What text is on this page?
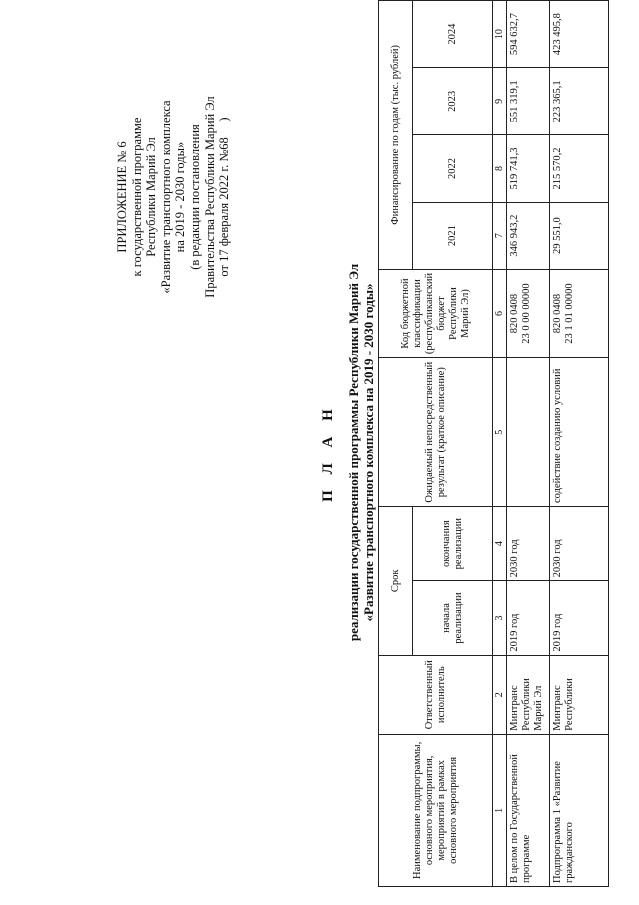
ПРИЛОЖЕНИЕ № 6 к государственной программе Республики Марий Эл «Развитие транспортного комплекса на 2019 - 2030 годы» (в редакции постановления Правительства Республики Марий Эл от 17 февраля 2022 г. №68     )
П Л А Н реализации государственной программы Республики Марий Эл «Развитие транспортного комплекса на 2019 - 2030 годы»
Наименование подпрограммы, основного мероприятия, мероприятий в рамках основного мероприятия	Ответственный исполнитель	Срок		Ожидаемый непосредственный результат (краткое описание)	Код бюджетной классификации (республиканский бюджет Республики Марий Эл)	Финансирование по годам (тыс. рублей)			
		начала реализации	окончания реализации			2021	2022	2023	2024

1	2	3	4	5	6	7	8	9	10
В целом по Государственной программе	Минтранс Республики Марий Эл	2019 год	2030 год		820 0408 23 0 00 00000	346 943,2	519 741,3	551 319,1	594 632,7
Подпрограмма 1 «Развитие гражданского	Минтранс Республики	2019 год	2030 год	содействие созданию условий	820 0408 23 1 01 00000	29 551,0	215 570,2	223 365,1	423 495,8
